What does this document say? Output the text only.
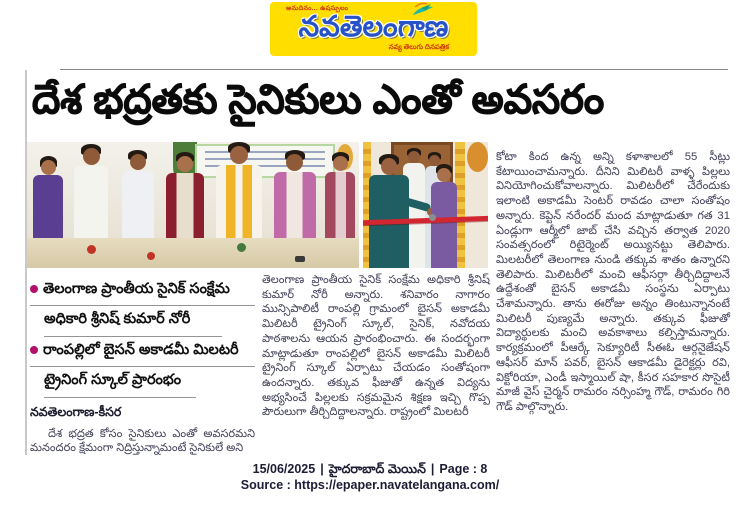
అనుదినం... ఉషస్సులం
నవతెలంగాణ
నవ్య తెలుగు దినపత్రిక
దేశ భద్రతకు సైనికులు ఎంతో అవసరం
కోటా కింద ఉన్న అన్ని కళాశాలలో 55 సీట్లు కేటాయించామన్నారు. దీనిని మిలిటరీ వాళ్ళ పిల్లలు వినియోగించుకోవాలన్నారు. మిలిటరీలో చేరేందుకు ఇలాంటి అకాడమీ సెంటర్ రావడం చాలా సంతోషం అన్నారు. కెప్టెన్ నరేందర్ మంద మాట్లాడుతూ గత 31 ఏండ్లుగా ఆర్మీలో జాబ్ చేసి వచ్చిన తర్వాత 2020 సంవత్సరంలో రిటైర్మెంట్ అయ్యినట్టు తెలిపారు. మిలటరీలో తెలంగాణ నుండి తక్కువ శాతం ఉన్నారని తెలిపారు. మిలిటరీలో మంచి ఆఫీసర్గా తీర్చిదిద్దాలనే ఉద్దేశంతో బైసన్ అకాడమీ సంస్థను ఏర్పాటు చేశామన్నారు. తాను ఈరోజు అన్నం తింటున్నానంటే మిలిటరీ పుణ్యమే అన్నారు. తక్కువ ఫీజుతో విద్యార్థులకు మంచి అవకాశాలు కల్పిస్తామన్నారు. కార్యక్రమంలో పీఆర్కే సెక్యూరిటీ సీఈఓ ఆర్గనైజేషన్ ఆఫీసర్ మాన్ పవర్, బైసన్ ఆకాడమీ డైరెక్టర్లు రవి, విక్టోరియా, ఎండీ ఇస్మాయిల్ షా, కీసర సహకార సొసైటీ మాజీ వైస్ చైర్మన్ రామరం నర్సింహ్మ గౌడ్, రామరం గిరి గౌడ్ పాల్గొన్నారు.
తెలంగాణ ప్రాంతీయ సైనిక్ సంక్షేమ
అధికారి శ్రీనిష్ కుమార్ నోరీ
రాంపల్లిలో బైసన్ అకాడమీ మిలటరీ
ట్రైనింగ్ స్కూల్ ప్రారంభం
నవతెలంగాణ-కీసర

దేశ భద్రత కోసం సైనికులు ఎంతో అవసరమని మనందరం క్షేమంగా నిద్రిస్తున్నామంటే సైనికులే అని

తెలంగాణ ప్రాంతీయ సైనిక్ సంక్షేమ అధికారి శ్రీనిష్ కుమార్ నోరీ అన్నారు. శనివారం నాగారం మున్సిపాలిటీ రాంపల్లి గ్రామంలో బైసన్ అకాడమీ మిలిటరీ ట్రైనింగ్ స్కూల్, సైనిక్, నవోదయ పాఠశాలను ఆయన ప్రారంభించారు. ఈ సందర్భంగా మాట్లాడుతూ రాంపల్లిలో బైసన్ అకాడమీ మిలిటరీ ట్రైనింగ్ స్కూల్ ఏర్పాటు చేయడం సంతోషంగా ఉందన్నారు. తక్కువ ఫీజుతో ఉన్నత విద్యను అభ్యసించే పిల్లలకు సక్రమమైన శిక్షణ ఇచ్చి గొప్ప పౌరులుగా తీర్చిదిద్దాలన్నారు. రాష్ట్రంలో మిలటరీ
15/06/2025 | హైదరాబాద్ మెయిన్ | Page : 8
Source : https://epaper.navatelangana.com/
